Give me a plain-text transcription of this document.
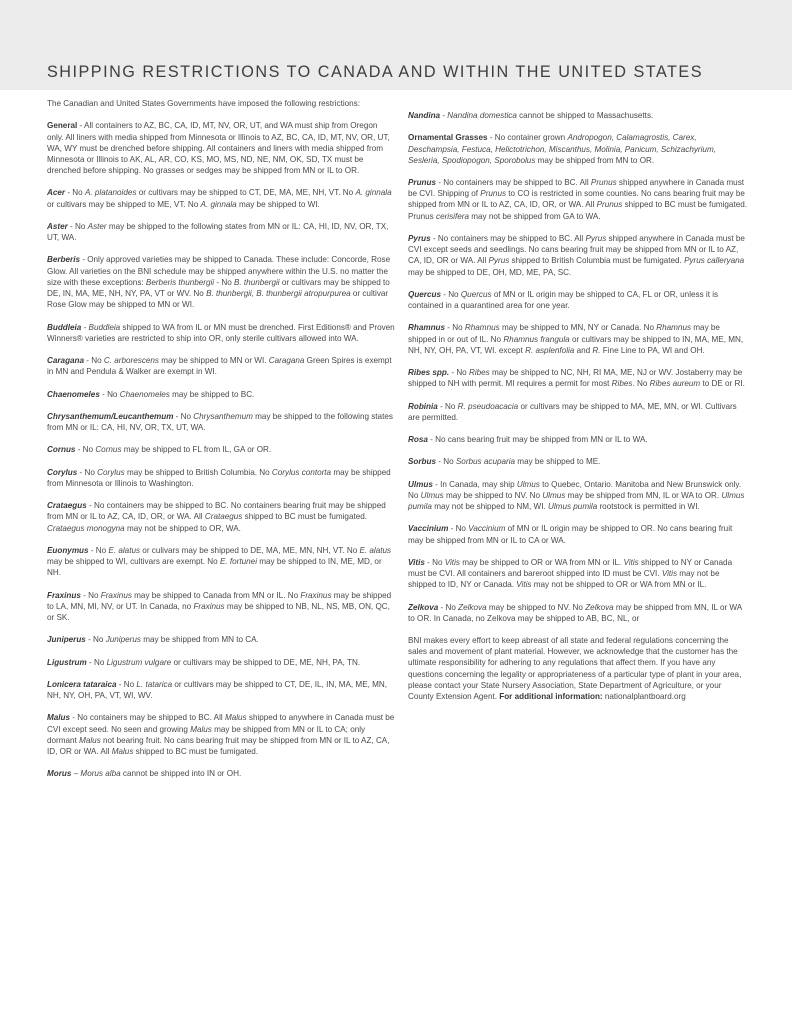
SHIPPING RESTRICTIONS TO CANADA AND WITHIN THE UNITED STATES

The Canadian and United States Governments have imposed the following restrictions:

General - All containers to AZ, BC, CA, ID, MT, NV, OR, UT, and WA must ship from Oregon only. All liners with media shipped from Minnesota or Illinois to AZ, BC, CA, ID, MT, NV, OR, UT, WA, WY must be drenched before shipping. All containers and liners with media shipped from Minnesota or Illinois to AK, AL, AR, CO, KS, MO, MS, ND, NE, NM, OK, SD, TX must be drenched before shipping. No grasses or sedges may be shipped from MN or IL to OR.

Acer - No A. platanoides or cultivars may be shipped to CT, DE, MA, ME, NH, VT. No A. ginnala or cultivars may be shipped to ME, VT. No A. ginnala may be shipped to WI.

Aster - No Aster may be shipped to the following states from MN or IL: CA, HI, ID, NV, OR, TX, UT, WA.

Berberis - Only approved varieties may be shipped to Canada. These include: Concorde, Rose Glow. All varieties on the BNI schedule may be shipped anywhere within the U.S. no matter the size with these exceptions: Berberis thunbergii - No B. thunbergii or cultivars may be shipped to DE, IN, MA, ME, NH, NY, PA, VT or WV. No B. thunbergii, B. thunbergii atropurpurea or cultivar Rose Glow may be shipped to MN or WI.

Buddleia - Buddleia shipped to WA from IL or MN must be drenched. First Editions® and Proven Winners® varieties are restricted to ship into OR, only sterile cultivars allowed into WA.

Caragana - No C. arborescens may be shipped to MN or WI. Caragana Green Spires is exempt in MN and Pendula & Walker are exempt in WI.

Chaenomeles - No Chaenomeles may be shipped to BC.

Chrysanthemum/Leucanthemum - No Chrysanthemum may be shipped to the following states from MN or IL: CA, HI, NV, OR, TX, UT, WA.

Cornus - No Cornus may be shipped to FL from IL, GA or OR.

Corylus - No Corylus may be shipped to British Columbia. No Corylus contorta may be shipped from Minnesota or Illinois to Washington.

Crataegus - No containers may be shipped to BC. No containers bearing fruit may be shipped from MN or IL to AZ, CA, ID, OR, or WA. All Crataegus shipped to BC must be fumigated. Crataegus monogyna may not be shipped to OR, WA.

Euonymus - No E. alatus or culivars may be shipped to DE, MA, ME, MN, NH, VT. No E. alatus may be shipped to WI, cultivars are exempt. No E. fortunei may be shipped to IN, ME, MD, or NH.

Fraxinus - No Fraxinus may be shipped to Canada from MN or IL. No Fraxinus may be shipped to LA, MN, MI, NV, or UT. In Canada, no Fraxinus may be shipped to NB, NL, NS, MB, ON, QC, or SK.

Juniperus - No Juniperus may be shipped from MN to CA.

Ligustrum - No Ligustrum vulgare or cultivars may be shipped to DE, ME, NH, PA, TN.

Lonicera tataraica - No L. tatarica or cultivars may be shipped to CT, DE, IL, IN, MA, ME, MN, NH, NY, OH, PA, VT, WI, WV.

Malus - No containers may be shipped to BC. All Malus shipped to anywhere in Canada must be CVI except seed. No seen and growing Malus may be shipped from MN or IL to CA; only dormant Malus not bearing fruit. No cans bearing fruit may be shipped from MN or IL to AZ, CA, ID, OR or WA. All Malus shipped to BC must be fumigated.

Morus – Morus alba cannot be shipped into IN or OH.

Nandina - Nandina domestica cannot be shipped to Massachusetts.

Ornamental Grasses - No container grown Andropogon, Calamagrostis, Carex, Deschampsia, Festuca, Helictotrichon, Miscanthus, Molinia, Panicum, Schizachyrium, Sesleria, Spodiopogon, Sporobolus may be shipped from MN to OR.

Prunus - No containers may be shipped to BC. All Prunus shipped anywhere in Canada must be CVI. Shipping of Prunus to CO is restricted in some counties. No cans bearing fruit may be shipped from MN or IL to AZ, CA, ID, OR, or WA. All Prunus shipped to BC must be fumigated. Prunus cerisifera may not be shipped from GA to WA.

Pyrus - No containers may be shipped to BC. All Pyrus shipped anywhere in Canada must be CVI except seeds and seedlings. No cans bearing fruit may be shipped from MN or IL to AZ, CA, ID, OR or WA. All Pyrus shipped to British Columbia must be fumigated. Pyrus calleryana may be shipped to DE, OH, MD, ME, PA, SC.

Quercus - No Quercus of MN or IL origin may be shipped to CA, FL or OR, unless it is contained in a quarantined area for one year.

Rhamnus - No Rhamnus may be shipped to MN, NY or Canada. No Rhamnus may be shipped in or out of IL. No Rhamnus frangula or cultivars may be shipped to IN, MA, ME, MN, NH, NY, OH, PA, VT, WI. except R. asplenfolia and R. Fine Line to PA, WI and OH.

Ribes spp. - No Ribes may be shipped to NC, NH, RI MA, ME, NJ or WV. Jostaberry may be shipped to NH with permit. MI requires a permit for most Ribes. No Ribes aureum to DE or RI.

Robinia - No R. pseudoacacia or cultivars may be shipped to MA, ME, MN, or WI. Cultivars are permitted.

Rosa - No cans bearing fruit may be shipped from MN or IL to WA.

Sorbus - No Sorbus acuparia may be shipped to ME.

Ulmus - In Canada, may ship Ulmus to Quebec, Ontario. Manitoba and New Brunswick only. No Ulmus may be shipped to NV. No Ulmus may be shipped from MN, IL or WA to OR. Ulmus pumila may not be shipped to NM, WI. Ulmus pumila rootstock is permitted in WI.

Vaccinium - No Vaccinium of MN or IL origin may be shipped to OR. No cans bearing fruit may be shipped from MN or IL to CA or WA.

Vitis - No Vitis may be shipped to OR or WA from MN or IL. Vitis shipped to NY or Canada must be CVI. All containers and bareroot shipped into ID must be CVI. Vitis may not be shipped to ID, NY or Canada. Vitis may not be shipped to OR or WA from MN or IL.

Zelkova - No Zelkova may be shipped to NV. No Zelkova may be shipped from MN, IL or WA to OR. In Canada, no Zelkova may be shipped to AB, BC, NL, or

BNI makes every effort to keep abreast of all state and federal regulations concerning the sales and movement of plant material. However, we acknowledge that the customer has the ultimate responsibility for adhering to any regulations that affect them. If you have any questions concerning the legality or appropriateness of a particular type of plant in your area, please contact your State Nursery Association, State Department of Agriculture, or your County Extension Agent. For additional information: nationalplantboard.org
